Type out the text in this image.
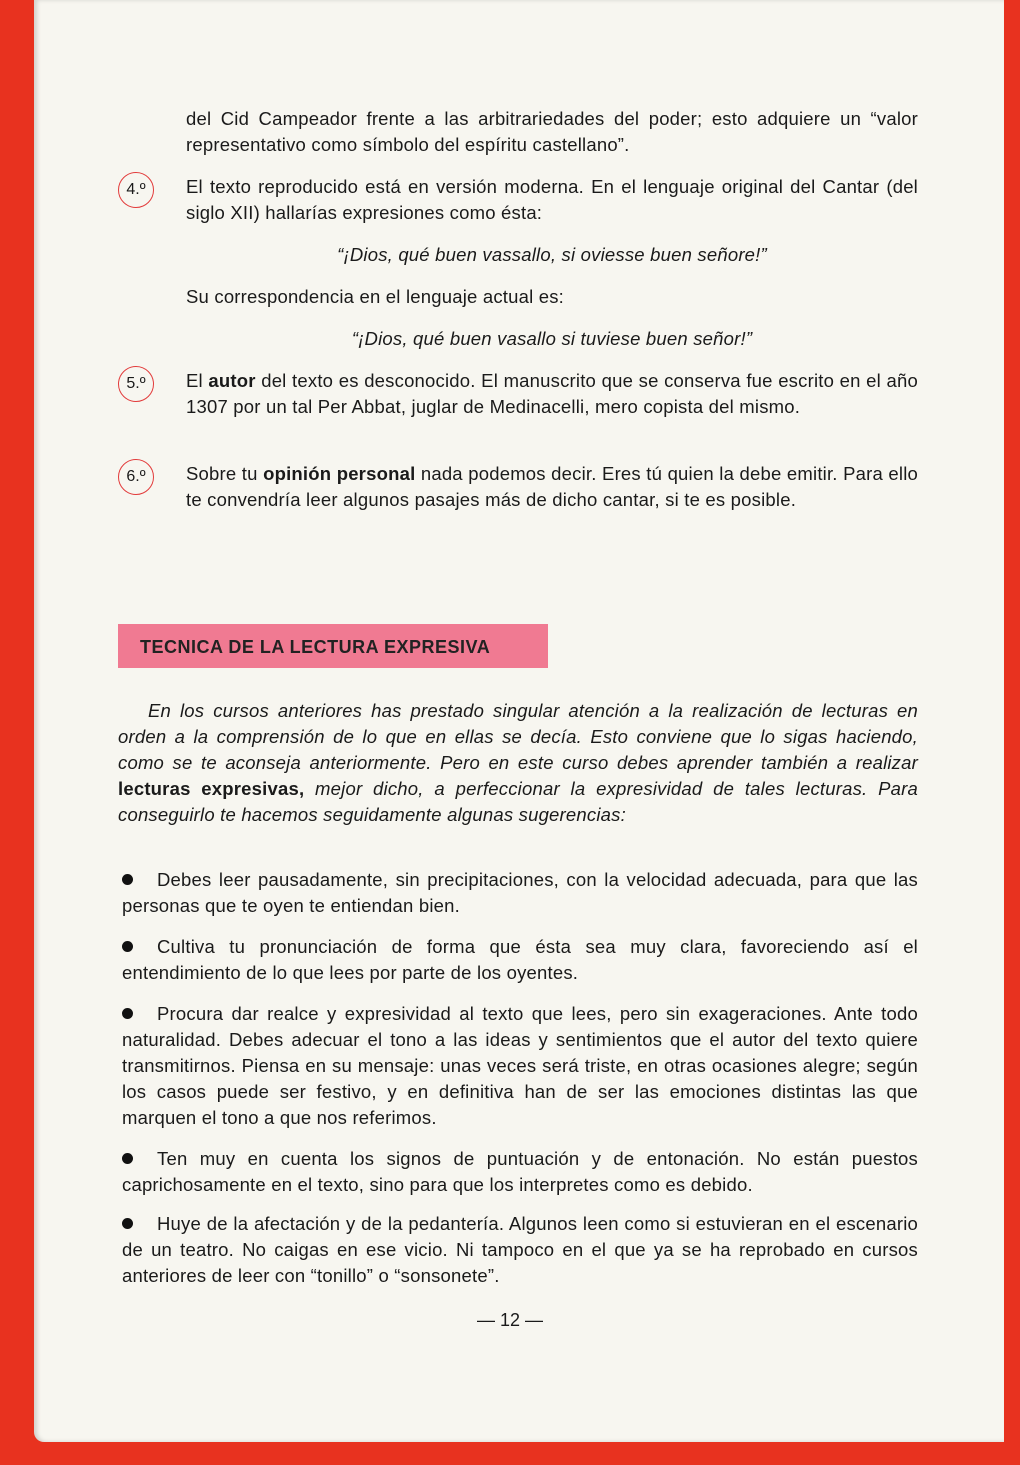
del Cid Campeador frente a las arbitrariedades del poder; esto adquiere un “valor representativo como símbolo del espíritu castellano”.
4.º	El texto reproducido está en versión moderna. En el lenguaje original del Cantar (del siglo XII) hallarías expresiones como ésta:
“¡Dios, qué buen vassallo, si oviesse buen señore!”
Su correspondencia en el lenguaje actual es:
“¡Dios, qué buen vasallo si tuviese buen señor!”
5.º	El autor del texto es desconocido. El manuscrito que se conserva fue escrito en el año 1307 por un tal Per Abbat, juglar de Medinacelli, mero copista del mismo.
6.º	Sobre tu opinión personal nada podemos decir. Eres tú quien la debe emitir. Para ello te convendría leer algunos pasajes más de dicho cantar, si te es posible.
TECNICA DE LA LECTURA EXPRESIVA
En los cursos anteriores has prestado singular atención a la realización de lecturas en orden a la comprensión de lo que en ellas se decía. Esto conviene que lo sigas haciendo, como se te aconseja anteriormente. Pero en este curso debes aprender también a realizar lecturas expresivas, mejor dicho, a perfeccionar la expresividad de tales lecturas. Para conseguirlo te hacemos seguidamente algunas sugerencias:
Debes leer pausadamente, sin precipitaciones, con la velocidad adecuada, para que las personas que te oyen te entiendan bien.
Cultiva tu pronunciación de forma que ésta sea muy clara, favoreciendo así el entendimiento de lo que lees por parte de los oyentes.
Procura dar realce y expresividad al texto que lees, pero sin exageraciones. Ante todo naturalidad. Debes adecuar el tono a las ideas y sentimientos que el autor del texto quiere transmitirnos. Piensa en su mensaje: unas veces será triste, en otras ocasiones alegre; según los casos puede ser festivo, y en definitiva han de ser las emociones distintas las que marquen el tono a que nos referimos.
Ten muy en cuenta los signos de puntuación y de entonación. No están puestos caprichosamente en el texto, sino para que los interpretes como es debido.
Huye de la afectación y de la pedantería. Algunos leen como si estuvieran en el escenario de un teatro. No caigas en ese vicio. Ni tampoco en el que ya se ha reprobado en cursos anteriores de leer con “tonillo” o “sonsonete”.
— 12 —
